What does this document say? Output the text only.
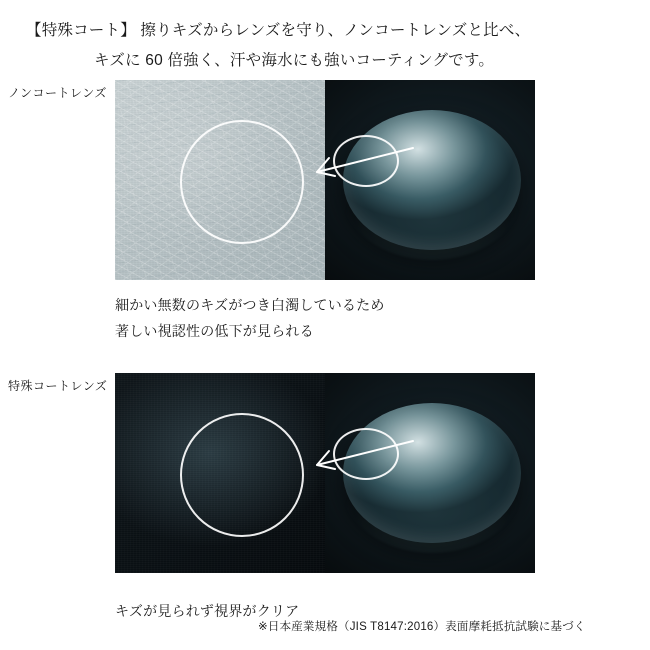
【特殊コート】 擦りキズからレンズを守り、ノンコートレンズと比べ、
キズに 60 倍強く、汗や海水にも強いコーティングです。
ノンコートレンズ
細かい無数のキズがつき白濁しているため
著しい視認性の低下が見られる
特殊コートレンズ
キズが見られず視界がクリア
※日本産業規格（JIS T8147:2016）表面摩耗抵抗試験に基づく
